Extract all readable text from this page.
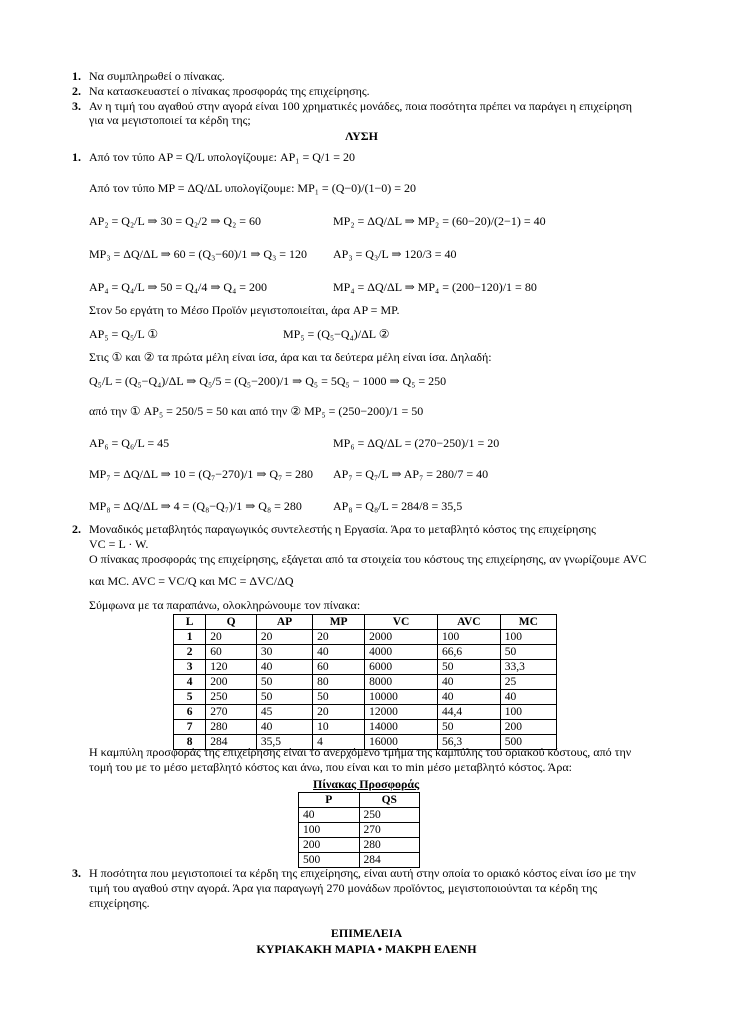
1. Να συμπληρωθεί ο πίνακας.
2. Να κατασκευαστεί ο πίνακας προσφοράς της επιχείρησης.
3. Αν η τιμή του αγαθού στην αγορά είναι 100 χρηματικές μονάδες, ποια ποσότητα πρέπει να παράγει η επιχείρηση
για να μεγιστοποιεί τα κέρδη της;
ΛΥΣΗ
1. Από τον τύπο AP = Q/L υπολογίζουμε: AP₁ = Q/1 = 20
Από τον τύπο MP = ΔQ/ΔL υπολογίζουμε: MP₁ = (Q−0)/(1−0) = 20
AP₂ = Q₂/L ⇒ 30 = Q₂/2 ⇒ Q₂ = 60	MP₂ = ΔQ/ΔL ⇒ MP₂ = (60−20)/(2−1) = 40
MP₃ = ΔQ/ΔL ⇒ 60 = (Q₃−60)/1 ⇒ Q₃ = 120 AP₃ = Q₃/L ⇒ 120/3 = 40
AP₄ = Q₄/L ⇒ 50 = Q₄/4 ⇒ Q₄ = 200	MP₄ = ΔQ/ΔL ⇒ MP₄ = (200−120)/1 = 80
Στον 5ο εργάτη το Μέσο Προϊόν μεγιστοποιείται, άρα AP = MP.
AP₅ = Q₅/L ①	MP₅ = (Q₅−Q₄)/ΔL ②
Στις ① και ② τα πρώτα μέλη είναι ίσα, άρα και τα δεύτερα μέλη είναι ίσα. Δηλαδή:
Q₅/L = (Q₅−Q₄)/ΔL ⇒ Q₅/5 = (Q₅−200)/1 ⇒ Q₅ = 5Q₅ − 1000 ⇒ Q₅ = 250
από την ① AP₅ = 250/5 = 50 και από την ② MP₅ = (250−200)/1 = 50
AP₆ = Q₆/L = 45	MP₆ = ΔQ/ΔL = (270−250)/1 = 20
MP₇ = ΔQ/ΔL ⇒ 10 = (Q₇−270)/1 ⇒ Q₇ = 280 AP₇ = Q₇/L ⇒ AP₇ = 280/7 = 40
MP₈ = ΔQ/ΔL ⇒ 4 = (Q₈−Q₇)/1 ⇒ Q₈ = 280	AP₈ = Q₈/L = 284/8 = 35,5
2. Μοναδικός μεταβλητός παραγωγικός συντελεστής η Εργασία. Άρα το μεταβλητό κόστος της επιχείρησης
VC = L · W.
Ο πίνακας προσφοράς της επιχείρησης, εξάγεται από τα στοιχεία του κόστους της επιχείρησης, αν γνωρίζουμε AVC
και MC. AVC = VC/Q και MC = ΔVC/ΔQ
Σύμφωνα με τα παραπάνω, ολοκληρώνουμε τον πίνακα:
L	Q	AP	MP	VC	AVC	MC
1	20	20	20	2000	100	100
2	60	30	40	4000	66,6	50
3	120	40	60	6000	50	33,3
4	200	50	80	8000	40	25
5	250	50	50	10000	40	40
6	270	45	20	12000	44,4	100
7	280	40	10	14000	50	200
8	284	35,5	4	16000	56,3	500
Η καμπύλη προσφοράς της επιχείρησης είναι το ανερχόμενο τμήμα της καμπύλης του οριακού κόστους, από την
τομή του με το μέσο μεταβλητό κόστος και άνω, που είναι και το min μέσο μεταβλητό κόστος. Άρα:
Πίνακας Προσφοράς
P	QS
40	250
100	270
200	280
500	284
3. Η ποσότητα που μεγιστοποιεί τα κέρδη της επιχείρησης, είναι αυτή στην οποία το οριακό κόστος είναι ίσο με την
τιμή του αγαθού στην αγορά. Άρα για παραγωγή 270 μονάδων προϊόντος, μεγιστοποιούνται τα κέρδη της
επιχείρησης.
ΕΠΙΜΕΛΕΙΑ
ΚΥΡΙΑΚΑΚΗ ΜΑΡΙΑ • ΜΑΚΡΗ ΕΛΕΝΗ
